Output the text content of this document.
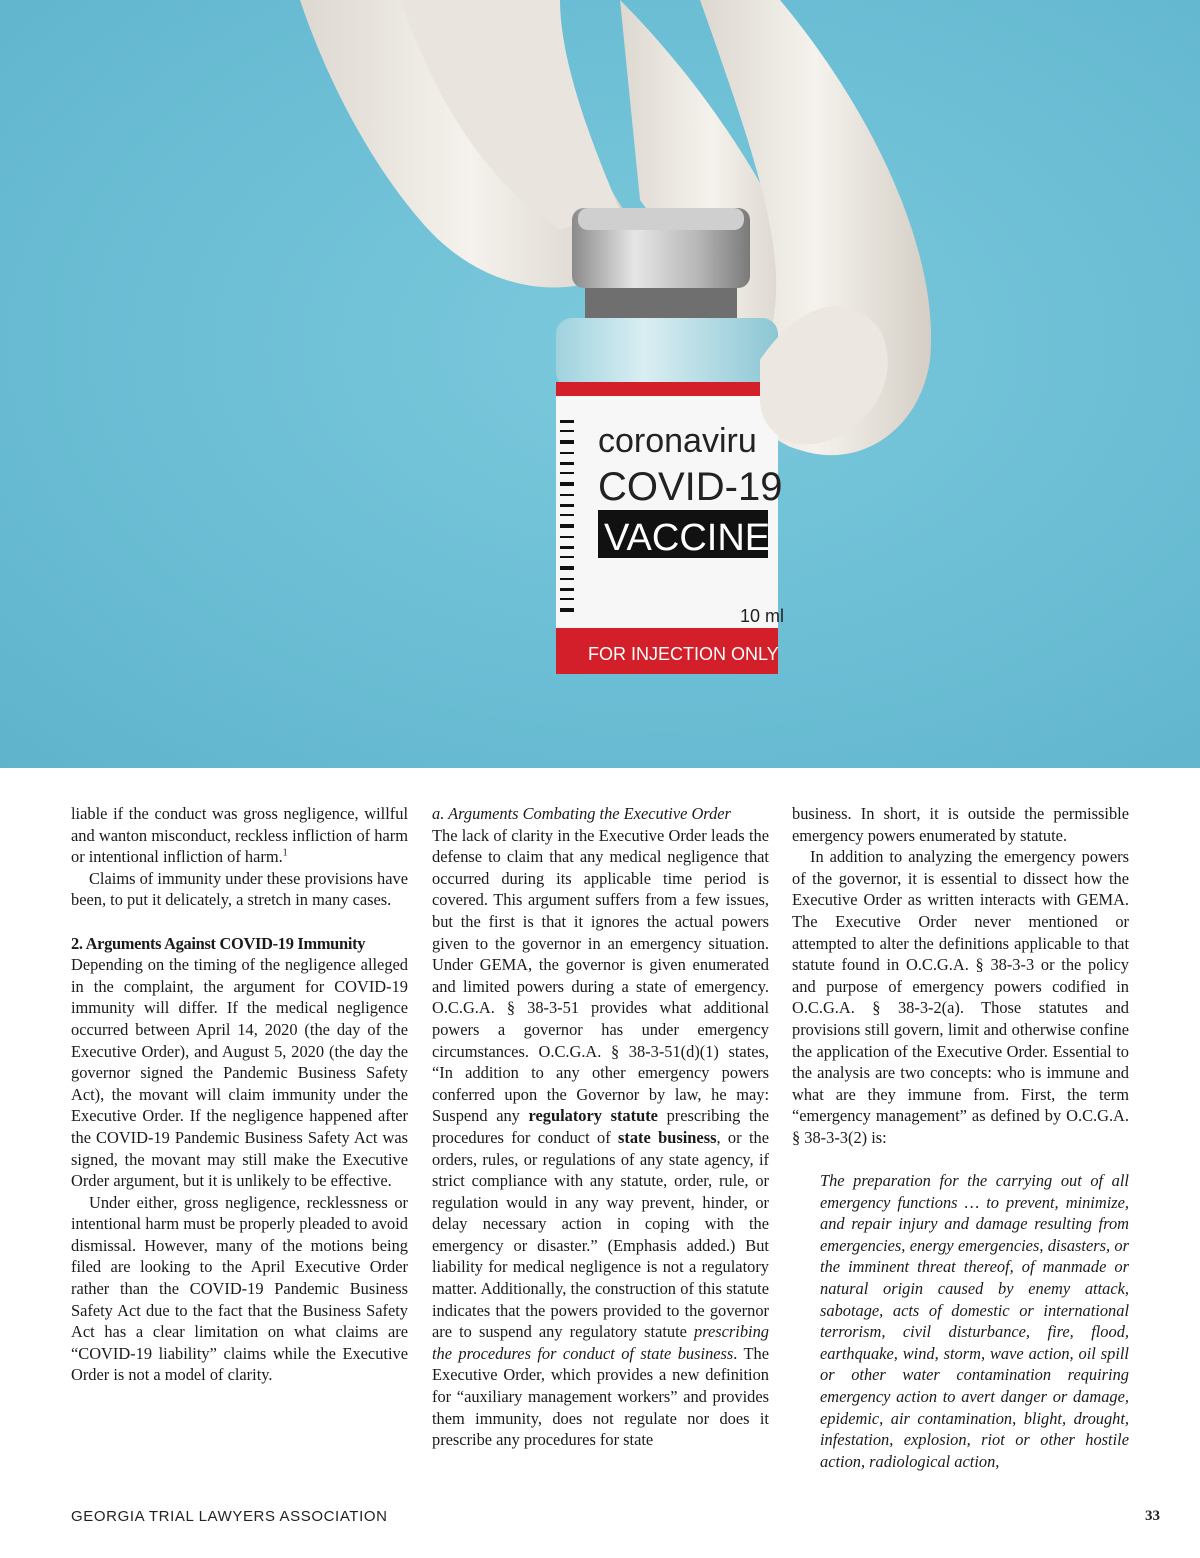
coronaviru
COVID-19
VACCINE
10 ml
FOR INJECTION ONLY

liable if the conduct was gross negligence, willful and wanton misconduct, reckless infliction of harm or intentional infliction of harm.$^1$

Claims of immunity under these provisions have been, to put it delicately, a stretch in many cases.

2. Arguments Against COVID-19 Immunity

Depending on the timing of the negligence alleged in the complaint, the argument for COVID-19 immunity will differ. If the medical negligence occurred between April 14, 2020 (the day of the Executive Order), and August 5, 2020 (the day the governor signed the Pandemic Business Safety Act), the movant will claim immunity under the Executive Order. If the negligence happened after the COVID-19 Pandemic Business Safety Act was signed, the movant may still make the Executive Order argument, but it is unlikely to be effective.

Under either, gross negligence, recklessness or intentional harm must be properly pleaded to avoid dismissal. However, many of the motions being filed are looking to the April Executive Order rather than the COVID-19 Pandemic Business Safety Act due to the fact that the Business Safety Act has a clear limitation on what claims are “COVID-19 liability” claims while the Executive Order is not a model of clarity.

a. Arguments Combating the Executive Order

The lack of clarity in the Executive Order leads the defense to claim that any medical negligence that occurred during its applicable time period is covered. This argument suffers from a few issues, but the first is that it ignores the actual powers given to the governor in an emergency situation. Under GEMA, the governor is given enumerated and limited powers during a state of emergency. O.C.G.A. § 38-3-51 provides what additional powers a governor has under emergency circumstances. O.C.G.A. § 38-3-51(d)(1) states, “In addition to any other emergency powers conferred upon the Governor by law, he may: Suspend any regulatory statute prescribing the procedures for conduct of state business, or the orders, rules, or regulations of any state agency, if strict compliance with any statute, order, rule, or regulation would in any way prevent, hinder, or delay necessary action in coping with the emergency or disaster.” (Emphasis added.) But liability for medical negligence is not a regulatory matter. Additionally, the construction of this statute indicates that the powers provided to the governor are to suspend any regulatory statute prescribing the procedures for conduct of state business. The Executive Order, which provides a new definition for “auxiliary management workers” and provides them immunity, does not regulate nor does it prescribe any procedures for state

business. In short, it is outside the permissible emergency powers enumerated by statute.

In addition to analyzing the emergency powers of the governor, it is essential to dissect how the Executive Order as written interacts with GEMA. The Executive Order never mentioned or attempted to alter the definitions applicable to that statute found in O.C.G.A. § 38-3-3 or the policy and purpose of emergency powers codified in O.C.G.A. § 38-3-2(a). Those statutes and provisions still govern, limit and otherwise confine the application of the Executive Order. Essential to the analysis are two concepts: who is immune and what are they immune from. First, the term “emergency management” as defined by O.C.G.A. § 38-3-3(2) is:

The preparation for the carrying out of all emergency functions … to prevent, minimize, and repair injury and damage resulting from emergencies, energy emergencies, disasters, or the imminent threat thereof, of manmade or natural origin caused by enemy attack, sabotage, acts of domestic or international terrorism, civil disturbance, fire, flood, earthquake, wind, storm, wave action, oil spill or other water contamination requiring emergency action to avert danger or damage, epidemic, air contamination, blight, drought, infestation, explosion, riot or other hostile action, radiological action,
GEORGIA TRIAL LAWYERS ASSOCIATION	33
